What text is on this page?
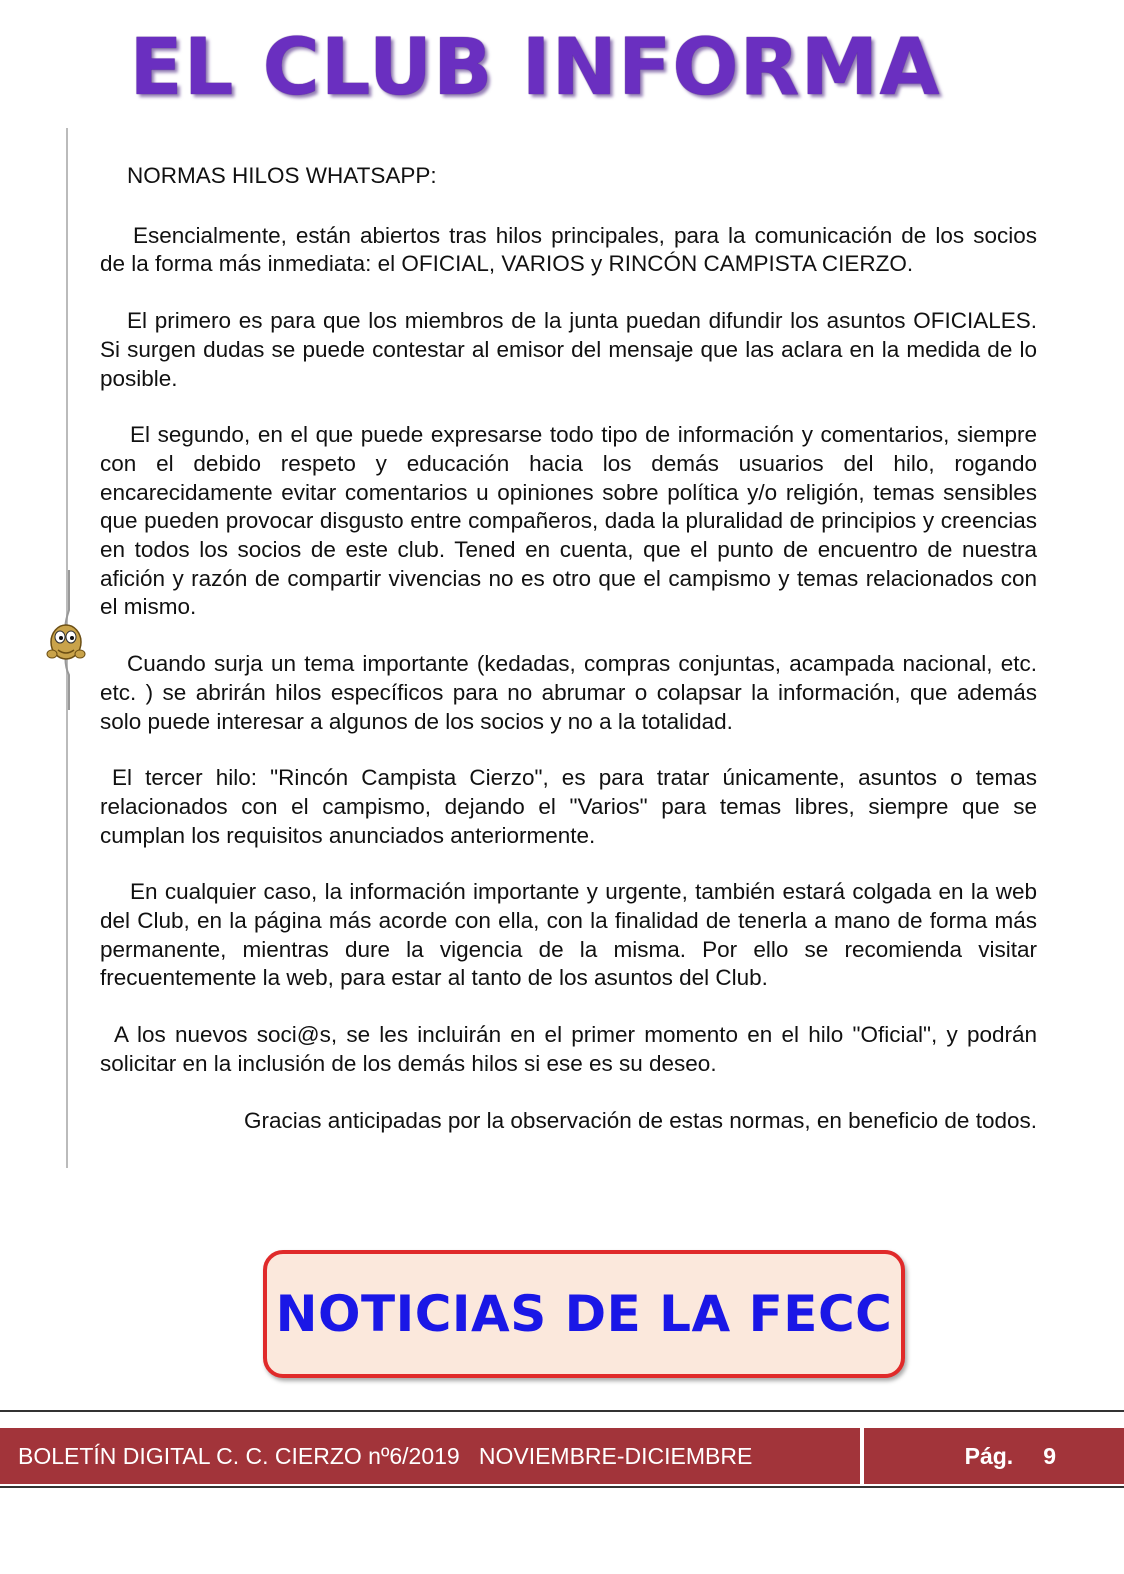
EL CLUB INFORMA

NORMAS HILOS WHATSAPP:

Esencialmente, están abiertos tras hilos principales, para la comunicación de los socios de la forma más inmediata: el OFICIAL, VARIOS y RINCÓN CAMPISTA CIERZO.

El primero es para que los miembros de la junta puedan difundir los asuntos OFICIALES. Si surgen dudas se puede contestar al emisor del mensaje que las aclara en la medida de lo posible.

El segundo, en el que puede expresarse todo tipo de información y comentarios, siempre con el debido respeto y educación hacia los demás usuarios del hilo, rogando encarecidamente evitar comentarios u opiniones sobre política y/o religión, temas sensibles que pueden provocar disgusto entre compañeros, dada la pluralidad de principios y creencias en todos los socios de este club. Tened en cuenta, que el punto de encuentro de nuestra afición y razón de compartir vivencias no es otro que el campismo y temas relacionados con el mismo.

Cuando surja un tema importante (kedadas, compras conjuntas, acampada nacional, etc. etc. ) se abrirán hilos específicos para no abrumar o colapsar la información, que además solo puede interesar a algunos de los socios y no a la totalidad.

El tercer hilo: "Rincón Campista Cierzo", es para tratar únicamente, asuntos o temas relacionados con el campismo, dejando el "Varios" para temas libres, siempre que se cumplan los requisitos anunciados anteriormente.

En cualquier caso, la información importante y urgente, también estará colgada en la web del Club, en la página más acorde con ella, con la finalidad de tenerla a mano de forma más permanente, mientras dure la vigencia de la misma. Por ello se recomienda visitar frecuentemente la web, para estar al tanto de los asuntos del Club.

A los nuevos soci@s, se les incluirán en el primer momento en el hilo "Oficial", y podrán solicitar en la inclusión de los demás hilos si ese es su deseo.

Gracias anticipadas por la observación de estas normas, en beneficio de todos.

NOTICIAS DE LA FECC
BOLETÍN DIGITAL C. C. CIERZO nº6/2019   NOVIEMBRE-DICIEMBRE	Pág. 9
